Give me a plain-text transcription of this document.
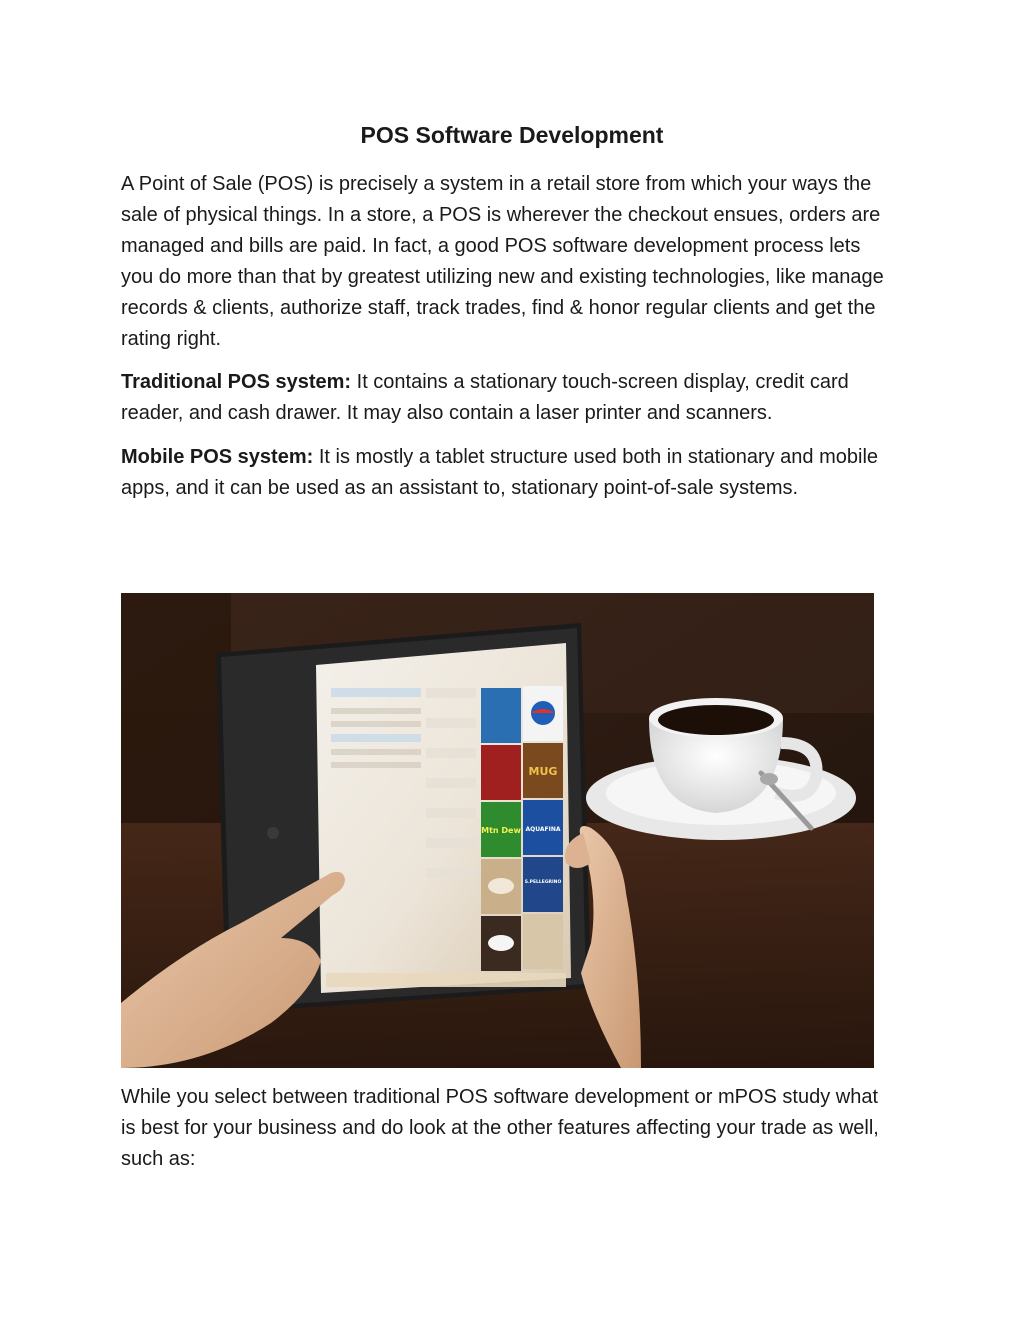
POS Software Development

A Point of Sale (POS) is precisely a system in a retail store from which your ways the sale of physical things. In a store, a POS is wherever the checkout ensues, orders are managed and bills are paid. In fact, a good POS software development process lets you do more than that by greatest utilizing new and existing technologies, like manage records & clients, authorize staff, track trades, find & honor regular clients and get the rating right.

Traditional POS system: It contains a stationary touch-screen display, credit card reader, and cash drawer. It may also contain a laser printer and scanners.

Mobile POS system: It is mostly a tablet structure used both in stationary and mobile apps, and it can be used as an assistant to, stationary point-of-sale systems.

MUG
Mtn Dew AQUAFINA
S.PELLEGRINO

While you select between traditional POS software development or mPOS study what is best for your business and do look at the other features affecting your trade as well, such as:
